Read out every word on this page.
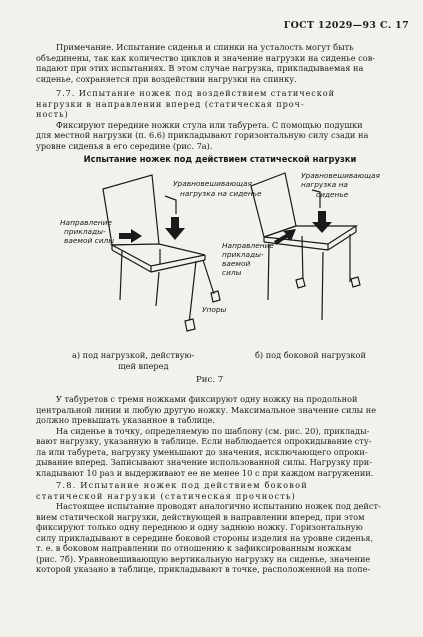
ГОСТ 12029—93 С. 17
Примечание. Испытание сиденья и спинки на усталость могут быть
объединены, так как количество циклов и значение нагрузки на сиденье сов-
падают при этих испытаниях. В этом случае нагрузка, прикладываемая на
сиденье, сохраняется при воздействии нагрузки на спинку.
7.7. Испытание ножек под воздействием статической
нагрузки в направлении вперед (статическая проч-
ность)
Фиксируют передние ножки стула или табурета. С помощью подушки
для местной нагрузки (п. 6.6) прикладывают горизонтальную силу сзади на
уровне сиденья в его середине (рис. 7а).
Испытание ножек под действием статической нагрузки
Уравновешивающая
нагрузка на сиденье
Направление
приклады-
ваемой силы
Упоры
Уравновешивающая
нагрузка на
сиденье
Направление
приклады-
ваемой
силы
а) под нагрузкой, действую-
щей вперед
б) под боковой нагрузкой
Рис. 7
У табуретов с тремя ножками фиксируют одну ножку на продольной
центральной линии и любую другую ножку. Максимальное значение силы не
должно превышать указанное в таблице.
На сиденье в точку, определяемую по шаблону (см. рис. 20), приклады-
вают нагрузку, указанную в таблице. Если наблюдается опрокидывание сту-
ла или табурета, нагрузку уменьшают до значения, исключающего опроки-
дывание вперед. Записывают значение использованной силы. Нагрузку при-
кладывают 10 раз и выдерживают ее не менее 10 с при каждом нагружении.
7.8. Испытание ножек под действием боковой
статической нагрузки (статическая прочность)
Настоящее испытание проводят аналогично испытанию ножек под дейст-
вием статической нагрузки, действующей в направлении вперед, при этом
фиксируют только одну переднюю и одну заднюю ножку. Горизонтальную
силу прикладывают в середине боковой стороны изделия на уровне сиденья,
т. е. в боковом направлении по отношению к зафиксированным ножкам
(рис. 7б). Уравновешивающую вертикальную нагрузку на сиденье, значение
которой указано в таблице, прикладывают в точке, расположенной на попе-
